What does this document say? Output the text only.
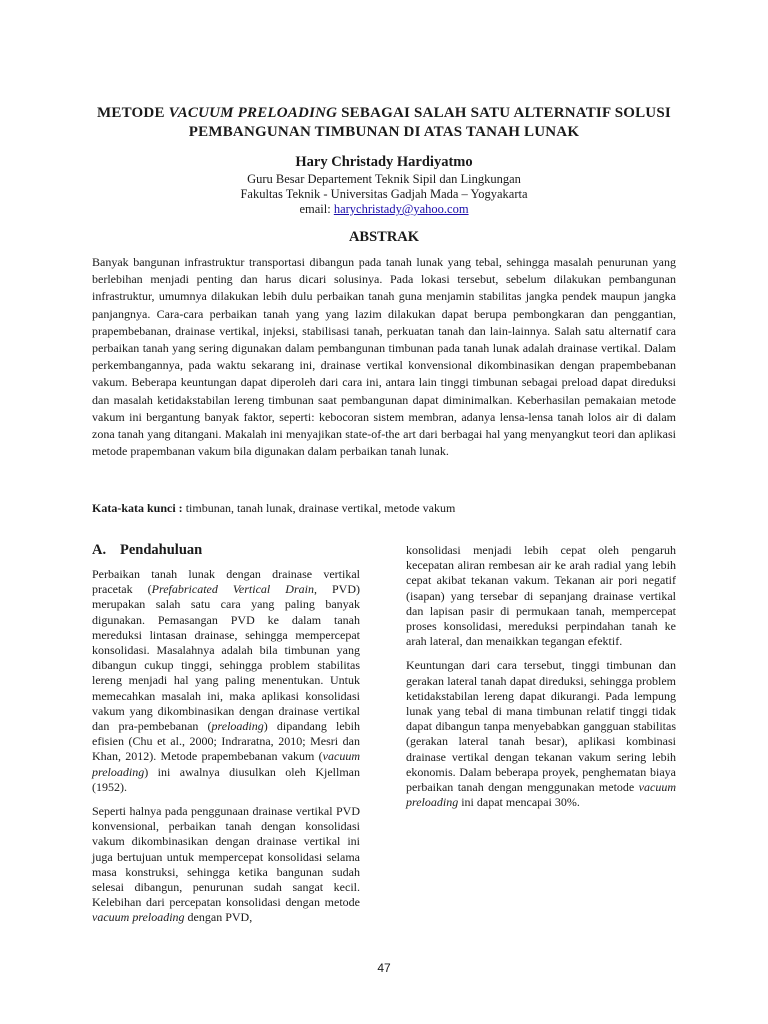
METODE VACUUM PRELOADING SEBAGAI SALAH SATU ALTERNATIF SOLUSI
PEMBANGUNAN TIMBUNAN DI ATAS TANAH LUNAK
Hary Christady Hardiyatmo
Guru Besar Departement Teknik Sipil dan Lingkungan
Fakultas Teknik - Universitas Gadjah Mada – Yogyakarta
email: harychristady@yahoo.com
ABSTRAK
Banyak bangunan infrastruktur transportasi dibangun pada tanah lunak yang tebal, sehingga masalah penurunan yang berlebihan menjadi penting dan harus dicari solusinya. Pada lokasi tersebut, sebelum dilakukan pembangunan infrastruktur, umumnya dilakukan lebih dulu perbaikan tanah guna menjamin stabilitas jangka pendek maupun jangka panjangnya. Cara-cara perbaikan tanah yang yang lazim dilakukan dapat berupa pembongkaran dan penggantian, prapembebanan, drainase vertikal, injeksi, stabilisasi tanah, perkuatan tanah dan lain-lainnya. Salah satu alternatif cara perbaikan tanah yang sering digunakan dalam pembangunan timbunan pada tanah lunak adalah drainase vertikal. Dalam perkembangannya, pada waktu sekarang ini, drainase vertikal konvensional dikombinasikan dengan prapembebanan vakum. Beberapa keuntungan dapat diperoleh dari cara ini, antara lain tinggi timbunan sebagai preload dapat direduksi dan masalah ketidakstabilan lereng timbunan saat pembangunan dapat diminimalkan. Keberhasilan pemakaian metode vakum ini bergantung banyak faktor, seperti: kebocoran sistem membran, adanya lensa-lensa tanah lolos air di dalam zona tanah yang ditangani. Makalah ini menyajikan state-of-the art dari berbagai hal yang menyangkut teori dan aplikasi metode prapembanan vakum bila digunakan dalam perbaikan tanah lunak.
Kata-kata kunci : timbunan, tanah lunak, drainase vertikal, metode vakum
A. Pendahuluan

Perbaikan tanah lunak dengan drainase vertikal pracetak (Prefabricated Vertical Drain, PVD) merupakan salah satu cara yang paling banyak digunakan. Pemasangan PVD ke dalam tanah mereduksi lintasan drainase, sehingga mempercepat konsolidasi. Masalahnya adalah bila timbunan yang dibangun cukup tinggi, sehingga problem stabilitas lereng menjadi hal yang paling menentukan. Untuk memecahkan masalah ini, maka aplikasi konsolidasi vakum yang dikombinasikan dengan drainase vertikal dan pra-pembebanan (preloading) dipandang lebih efisien (Chu et al., 2000; Indraratna, 2010; Mesri dan Khan, 2012). Metode prapembebanan vakum (vacuum preloading) ini awalnya diusulkan oleh Kjellman (1952).

Seperti halnya pada penggunaan drainase vertikal PVD konvensional, perbaikan tanah dengan konsolidasi vakum dikombinasikan dengan drainase vertikal ini juga bertujuan untuk mempercepat konsolidasi selama masa konstruksi, sehingga ketika bangunan sudah selesai dibangun, penurunan sudah sangat kecil. Kelebihan dari percepatan konsolidasi dengan metode vacuum preloading dengan PVD,

konsolidasi menjadi lebih cepat oleh pengaruh kecepatan aliran rembesan air ke arah radial yang lebih cepat akibat tekanan vakum. Tekanan air pori negatif (isapan) yang tersebar di sepanjang drainase vertikal dan lapisan pasir di permukaan tanah, mempercepat proses konsolidasi, mereduksi perpindahan tanah ke arah lateral, dan menaikkan tegangan efektif.

Keuntungan dari cara tersebut, tinggi timbunan dan gerakan lateral tanah dapat direduksi, sehingga problem ketidakstabilan lereng dapat dikurangi. Pada lempung lunak yang tebal di mana timbunan relatif tinggi tidak dapat dibangun tanpa menyebabkan gangguan stabilitas (gerakan lateral tanah besar), aplikasi kombinasi drainase vertikal dengan tekanan vakum sering lebih ekonomis. Dalam beberapa proyek, penghematan biaya perbaikan tanah dengan menggunakan metode vacuum preloading ini dapat mencapai 30%.

47
